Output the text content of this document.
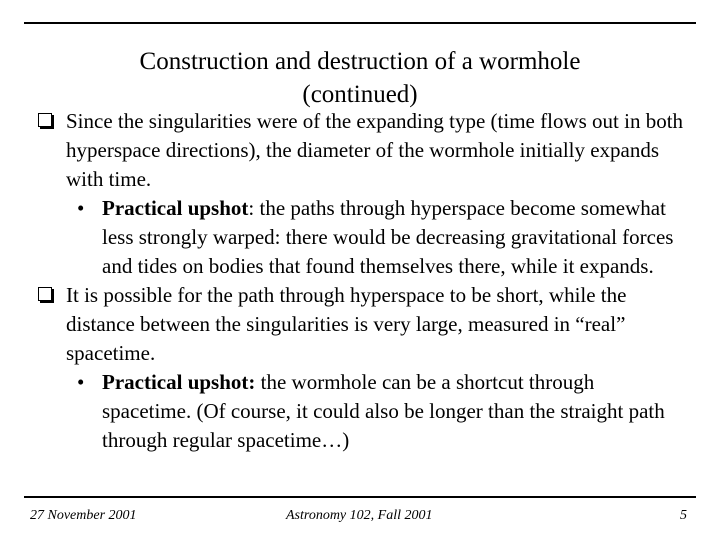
Construction and destruction of a wormhole
(continued)
Since the singularities were of the expanding type (time flows out in both hyperspace directions), the diameter of the wormhole initially expands with time.
• Practical upshot: the paths through hyperspace become somewhat less strongly warped: there would be decreasing gravitational forces and tides on bodies that found themselves there, while it expands.
It is possible for the path through hyperspace to be short, while the distance between the singularities is very large, measured in “real” spacetime.
• Practical upshot: the wormhole can be a shortcut through spacetime. (Of course, it could also be longer than the straight path through regular spacetime…)
27 November 2001	Astronomy 102, Fall 2001	5
